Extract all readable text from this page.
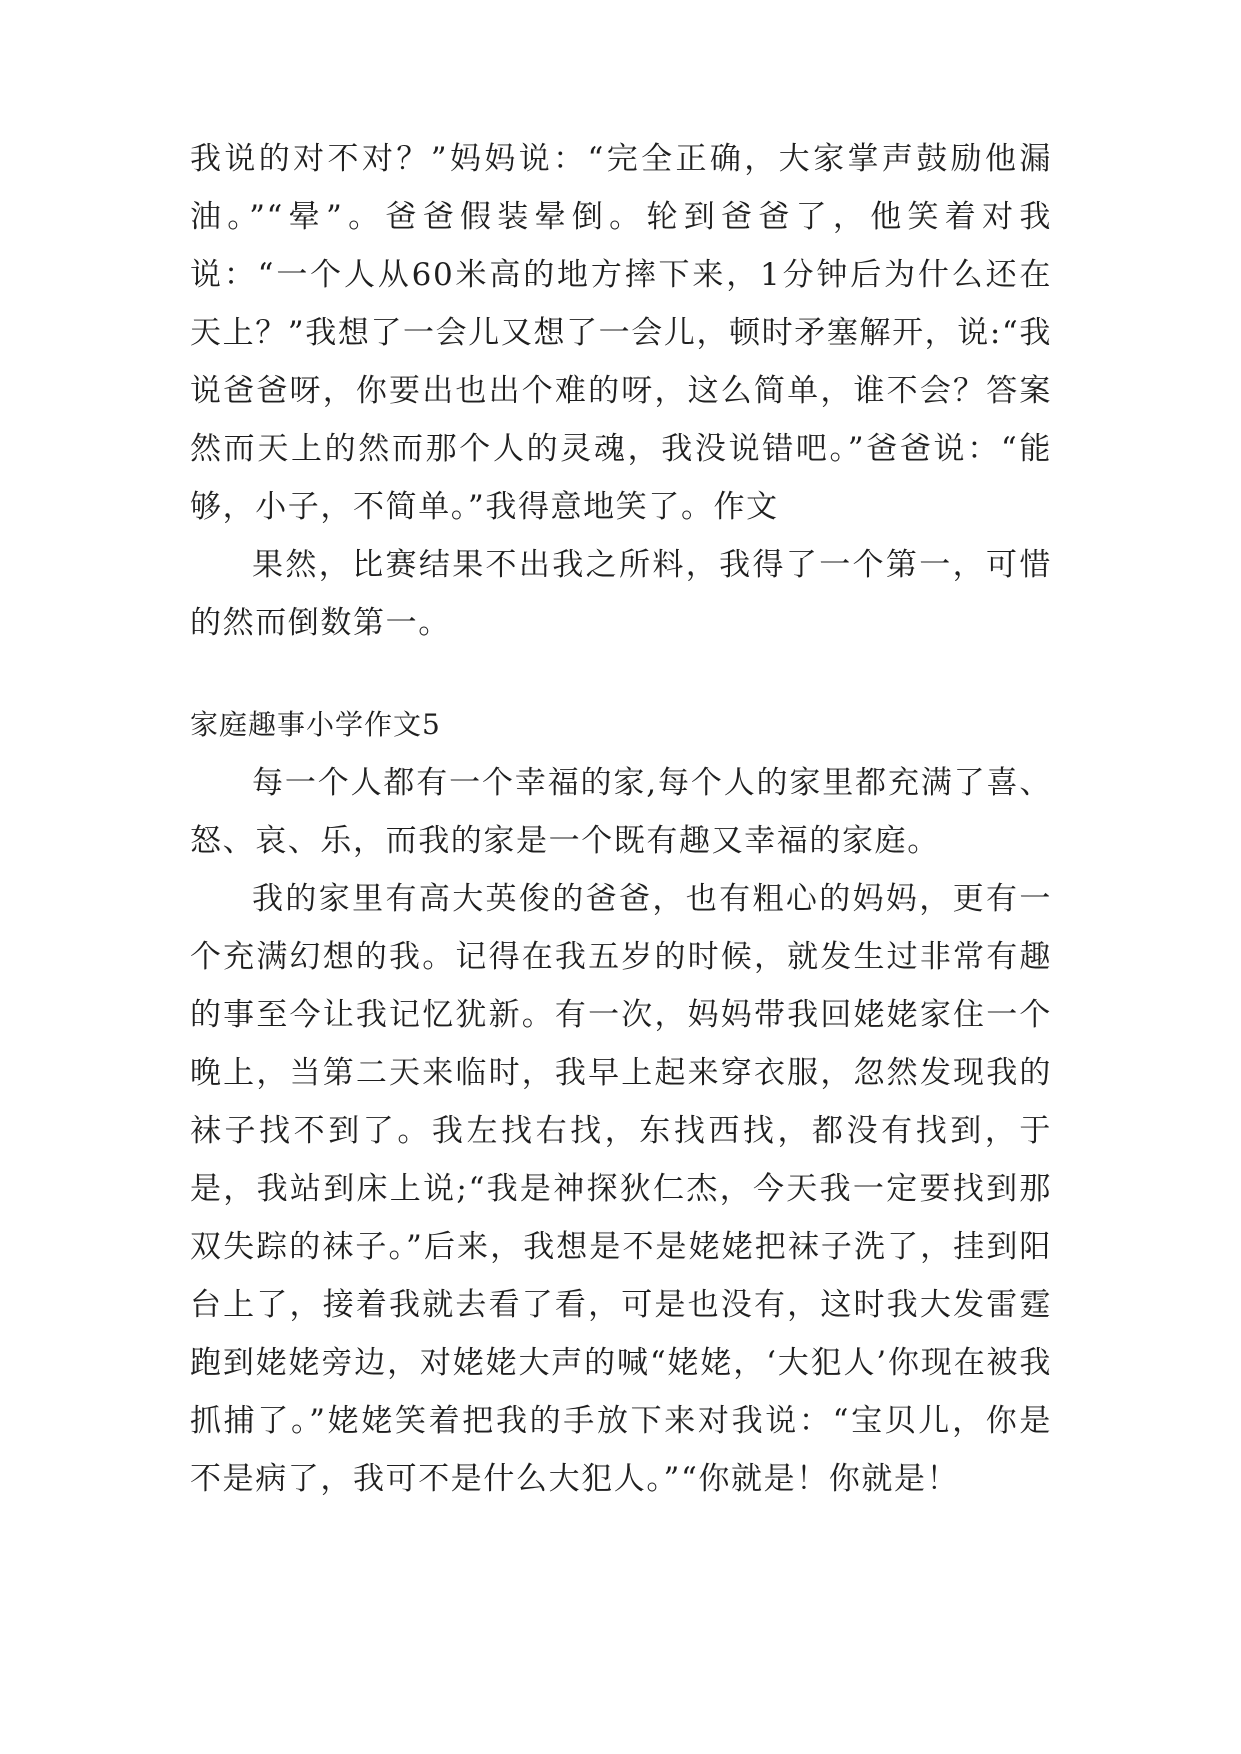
我说的对不对？”妈妈说：“完全正确，大家掌声鼓励他漏油。”“晕”。爸爸假装晕倒。轮到爸爸了，他笑着对我说：“一个人从60米高的地方摔下来，1分钟后为什么还在天上？”我想了一会儿又想了一会儿，顿时矛塞解开，说:“我说爸爸呀，你要出也出个难的呀，这么简单，谁不会？答案然而天上的然而那个人的灵魂，我没说错吧。”爸爸说：“能够，小子，不简单。”我得意地笑了。作文

果然，比赛结果不出我之所料，我得了一个第一，可惜的然而倒数第一。

家庭趣事小学作文5

每一个人都有一个幸福的家,每个人的家里都充满了喜、怒、哀、乐，而我的家是一个既有趣又幸福的家庭。

我的家里有高大英俊的爸爸，也有粗心的妈妈，更有一个充满幻想的我。记得在我五岁的时候，就发生过非常有趣的事至今让我记忆犹新。有一次，妈妈带我回姥姥家住一个晚上，当第二天来临时，我早上起来穿衣服，忽然发现我的袜子找不到了。我左找右找，东找西找，都没有找到，于是，我站到床上说;“我是神探狄仁杰，今天我一定要找到那双失踪的袜子。”后来，我想是不是姥姥把袜子洗了，挂到阳台上了，接着我就去看了看，可是也没有，这时我大发雷霆跑到姥姥旁边，对姥姥大声的喊“姥姥，‘大犯人’你现在被我抓捕了。”姥姥笑着把我的手放下来对我说：“宝贝儿，你是不是病了，我可不是什么大犯人。”“你就是！你就是！
